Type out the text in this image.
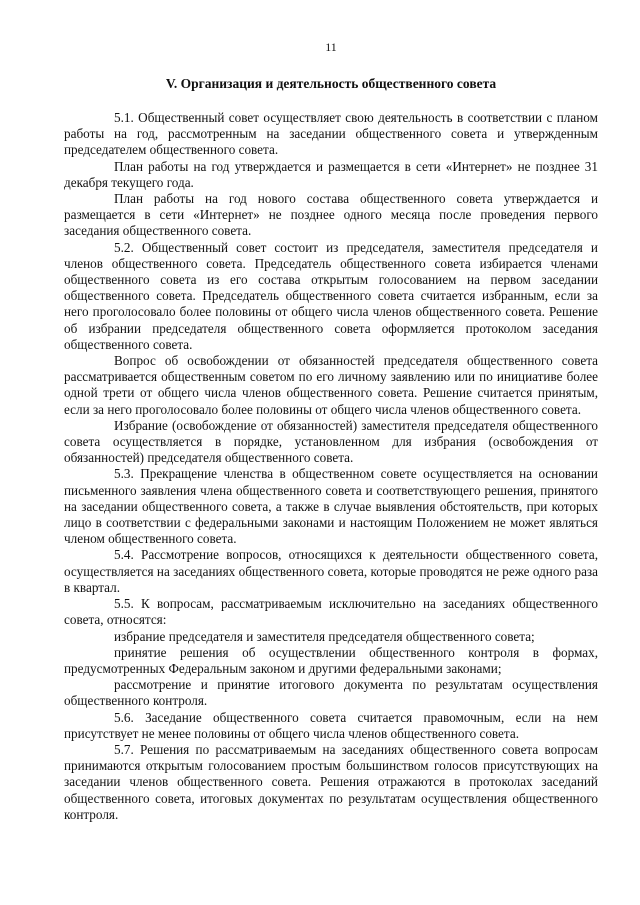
11
V. Организация и деятельность общественного совета

5.1. Общественный совет осуществляет свою деятельность в соответствии с планом работы на год, рассмотренным на заседании общественного совета и утвержденным председателем общественного совета.

План работы на год утверждается и размещается в сети «Интернет» не позднее 31 декабря текущего года.

План работы на год нового состава общественного совета утверждается и размещается в сети «Интернет» не позднее одного месяца после проведения первого заседания общественного совета.

5.2. Общественный совет состоит из председателя, заместителя председателя и членов общественного совета. Председатель общественного совета избирается членами общественного совета из его состава открытым голосованием на первом заседании общественного совета. Председатель общественного совета считается избранным, если за него проголосовало более половины от общего числа членов общественного совета. Решение об избрании председателя общественного совета оформляется протоколом заседания общественного совета.

Вопрос об освобождении от обязанностей председателя общественного совета рассматривается общественным советом по его личному заявлению или по инициативе более одной трети от общего числа членов общественного совета. Решение считается принятым, если за него проголосовало более половины от общего числа членов общественного совета.

Избрание (освобождение от обязанностей) заместителя председателя общественного совета осуществляется в порядке, установленном для избрания (освобождения от обязанностей) председателя общественного совета.

5.3. Прекращение членства в общественном совете осуществляется на основании письменного заявления члена общественного совета и соответствующего решения, принятого на заседании общественного совета, а также в случае выявления обстоятельств, при которых лицо в соответствии с федеральными законами и настоящим Положением не может являться членом общественного совета.

5.4. Рассмотрение вопросов, относящихся к деятельности общественного совета, осуществляется на заседаниях общественного совета, которые проводятся не реже одного раза в квартал.

5.5. К вопросам, рассматриваемым исключительно на заседаниях общественного совета, относятся:

избрание председателя и заместителя председателя общественного совета;

принятие решения об осуществлении общественного контроля в формах, предусмотренных Федеральным законом и другими федеральными законами;

рассмотрение и принятие итогового документа по результатам осуществления общественного контроля.

5.6. Заседание общественного совета считается правомочным, если на нем присутствует не менее половины от общего числа членов общественного совета.

5.7. Решения по рассматриваемым на заседаниях общественного совета вопросам принимаются открытым голосованием простым большинством голосов присутствующих на заседании членов общественного совета. Решения отражаются в протоколах заседаний общественного совета, итоговых документах по результатам осуществления общественного контроля.
